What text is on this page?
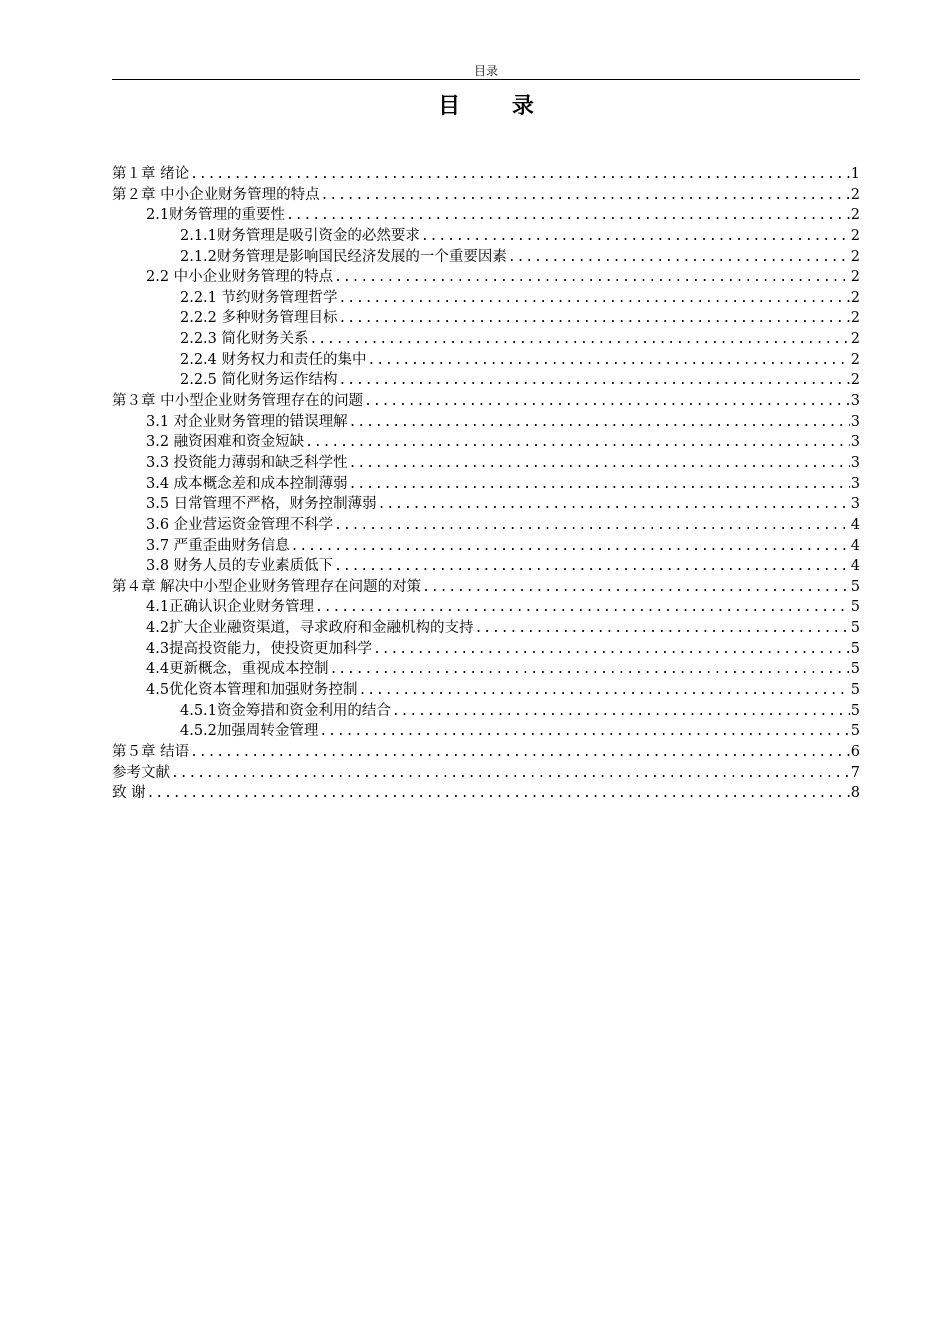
目录
目 录
第１章 绪论 .....	1
第２章 中小企业财务管理的特点 .....	2
2.1财务管理的重要性 .....	2
2.1.1财务管理是吸引资金的必然要求 .....	2
2.1.2财务管理是影响国民经济发展的一个重要因素 .....	2
2.2 中小企业财务管理的特点 .....	2
2.2.1 节约财务管理哲学 .....	2
2.2.2 多种财务管理目标 .....	2
2.2.3 简化财务关系 .....	2
2.2.4 财务权力和责任的集中 .....	2
2.2.5 简化财务运作结构 .....	2
第３章 中小型企业财务管理存在的问题 .....	3
3.1 对企业财务管理的错误理解 .....	3
3.2 融资困难和资金短缺 .....	3
3.3 投资能力薄弱和缺乏科学性 .....	3
3.4 成本概念差和成本控制薄弱 .....	3
3.5 日常管理不严格，财务控制薄弱 .....	3
3.6 企业营运资金管理不科学 .....	4
3.7 严重歪曲财务信息 .....	4
3.8 财务人员的专业素质低下 .....	4
第４章 解决中小型企业财务管理存在问题的对策 .....	5
4.1正确认识企业财务管理 .....	5
4.2扩大企业融资渠道，寻求政府和金融机构的支持 .....	5
4.3提高投资能力，使投资更加科学 .....	5
4.4更新概念，重视成本控制 .....	5
4.5优化资本管理和加强财务控制 .....	5
4.5.1资金筹措和资金利用的结合 .....	5
4.5.2加强周转金管理 .....	5
第５章 结语 .....	6
参考文献 .....	7
致 谢 .....	8
